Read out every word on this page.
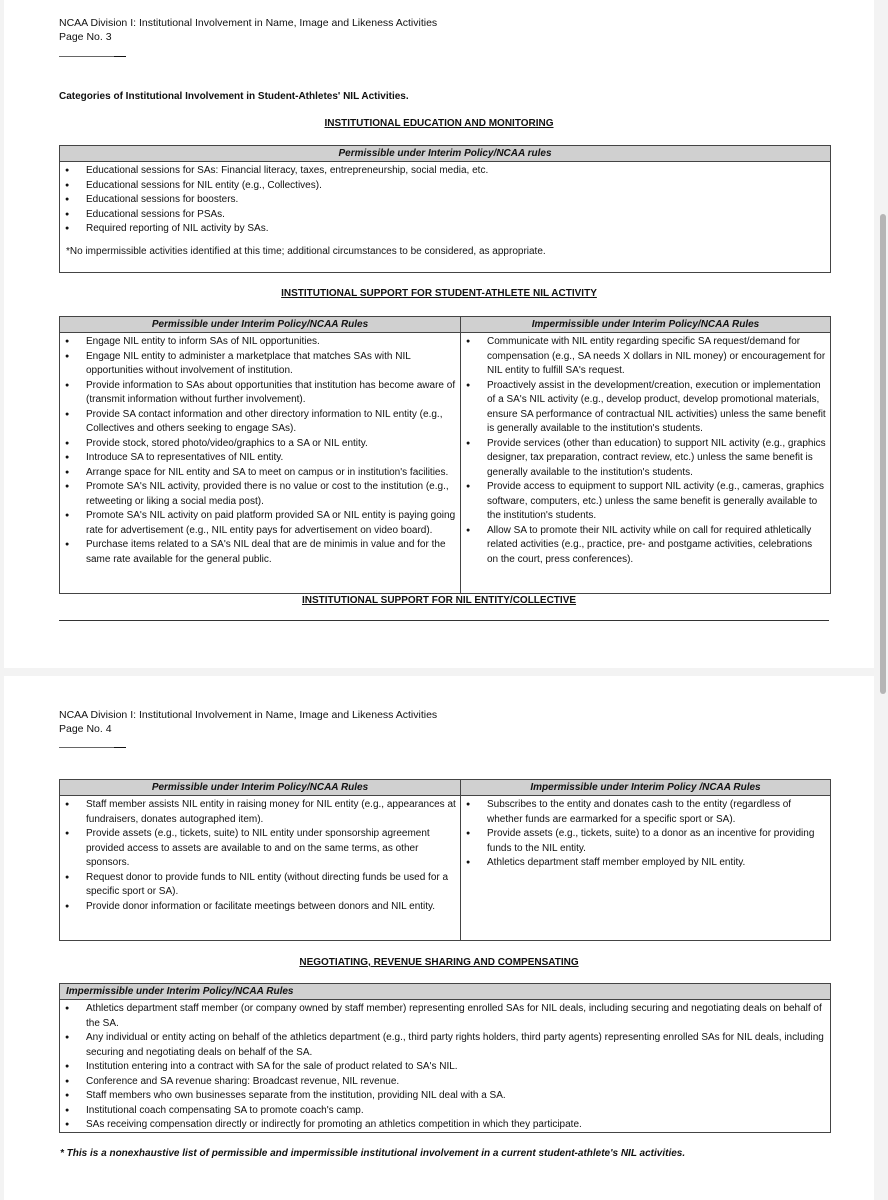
NCAA Division I: Institutional Involvement in Name, Image and Likeness Activities
Page No. 3
Categories of Institutional Involvement in Student-Athletes' NIL Activities.
INSTITUTIONAL EDUCATION AND MONITORING
Permissible under Interim Policy/NCAA rules
● Educational sessions for SAs: Financial literacy, taxes, entrepreneurship, social media, etc.
● Educational sessions for NIL entity (e.g., Collectives).
● Educational sessions for boosters.
● Educational sessions for PSAs.
● Required reporting of NIL activity by SAs.
*No impermissible activities identified at this time; additional circumstances to be considered, as appropriate.
INSTITUTIONAL SUPPORT FOR STUDENT-ATHLETE NIL ACTIVITY
Permissible under Interim Policy/NCAA Rules
● Engage NIL entity to inform SAs of NIL opportunities.
● Engage NIL entity to administer a marketplace that matches SAs with NIL opportunities without involvement of institution.
● Provide information to SAs about opportunities that institution has become aware of (transmit information without further involvement).
● Provide SA contact information and other directory information to NIL entity (e.g., Collectives and others seeking to engage SAs).
● Provide stock, stored photo/video/graphics to a SA or NIL entity.
● Introduce SA to representatives of NIL entity.
● Arrange space for NIL entity and SA to meet on campus or in institution's facilities.
● Promote SA's NIL activity, provided there is no value or cost to the institution (e.g., retweeting or liking a social media post).
● Promote SA's NIL activity on paid platform provided SA or NIL entity is paying going rate for advertisement (e.g., NIL entity pays for advertisement on video board).
● Purchase items related to a SA's NIL deal that are de minimis in value and for the same rate available for the general public.
Impermissible under Interim Policy/NCAA Rules
● Communicate with NIL entity regarding specific SA request/demand for compensation (e.g., SA needs X dollars in NIL money) or encouragement for NIL entity to fulfill SA's request.
● Proactively assist in the development/creation, execution or implementation of a SA's NIL activity (e.g., develop product, develop promotional materials, ensure SA performance of contractual NIL activities) unless the same benefit is generally available to the institution's students.
● Provide services (other than education) to support NIL activity (e.g., graphics designer, tax preparation, contract review, etc.) unless the same benefit is generally available to the institution's students.
● Provide access to equipment to support NIL activity (e.g., cameras, graphics software, computers, etc.) unless the same benefit is generally available to the institution's students.
● Allow SA to promote their NIL activity while on call for required athletically related activities (e.g., practice, pre- and postgame activities, celebrations on the court, press conferences).
INSTITUTIONAL SUPPORT FOR NIL ENTITY/COLLECTIVE
NCAA Division I: Institutional Involvement in Name, Image and Likeness Activities
Page No. 4
Permissible under Interim Policy/NCAA Rules
● Staff member assists NIL entity in raising money for NIL entity (e.g., appearances at fundraisers, donates autographed item).
● Provide assets (e.g., tickets, suite) to NIL entity under sponsorship agreement provided access to assets are available to and on the same terms, as other sponsors.
● Request donor to provide funds to NIL entity (without directing funds be used for a specific sport or SA).
● Provide donor information or facilitate meetings between donors and NIL entity.
Impermissible under Interim Policy /NCAA Rules
● Subscribes to the entity and donates cash to the entity (regardless of whether funds are earmarked for a specific sport or SA).
● Provide assets (e.g., tickets, suite) to a donor as an incentive for providing funds to the NIL entity.
● Athletics department staff member employed by NIL entity.
NEGOTIATING, REVENUE SHARING AND COMPENSATING
Impermissible under Interim Policy/NCAA Rules
● Athletics department staff member (or company owned by staff member) representing enrolled SAs for NIL deals, including securing and negotiating deals on behalf of the SA.
● Any individual or entity acting on behalf of the athletics department (e.g., third party rights holders, third party agents) representing enrolled SAs for NIL deals, including securing and negotiating deals on behalf of the SA.
● Institution entering into a contract with SA for the sale of product related to SA's NIL.
● Conference and SA revenue sharing: Broadcast revenue, NIL revenue.
● Staff members who own businesses separate from the institution, providing NIL deal with a SA.
● Institutional coach compensating SA to promote coach's camp.
● SAs receiving compensation directly or indirectly for promoting an athletics competition in which they participate.
* This is a nonexhaustive list of permissible and impermissible institutional involvement in a current student-athlete's NIL activities.
